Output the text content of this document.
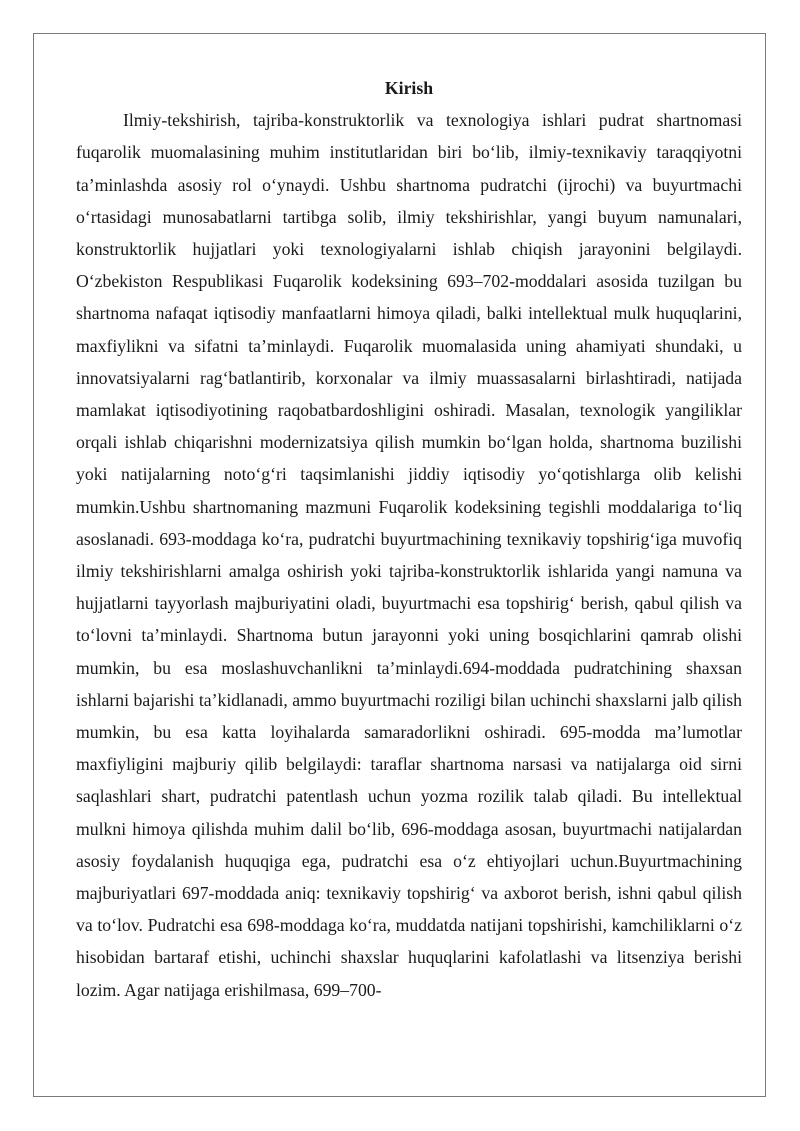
Kirish

Ilmiy-tekshirish, tajriba-konstruktorlik va texnologiya ishlari pudrat shartnomasi fuqarolik muomalasining muhim institutlaridan biri bo‘lib, ilmiy-texnikaviy taraqqiyotni ta’minlashda asosiy rol o‘ynaydi. Ushbu shartnoma pudratchi (ijrochi) va buyurtmachi o‘rtasidagi munosabatlarni tartibga solib, ilmiy tekshirishlar, yangi buyum namunalari, konstruktorlik hujjatlari yoki texnologiyalarni ishlab chiqish jarayonini belgilaydi. O‘zbekiston Respublikasi Fuqarolik kodeksining 693–702-moddalari asosida tuzilgan bu shartnoma nafaqat iqtisodiy manfaatlarni himoya qiladi, balki intellektual mulk huquqlarini, maxfiylikni va sifatni ta’minlaydi. Fuqarolik muomalasida uning ahamiyati shundaki, u innovatsiyalarni rag‘batlantirib, korxonalar va ilmiy muassasalarni birlashtiradi, natijada mamlakat iqtisodiyotining raqobatbardoshligini oshiradi. Masalan, texnologik yangiliklar orqali ishlab chiqarishni modernizatsiya qilish mumkin bo‘lgan holda, shartnoma buzilishi yoki natijalarning noto‘g‘ri taqsimlanishi jiddiy iqtisodiy yo‘qotishlarga olib kelishi mumkin.Ushbu shartnomaning mazmuni Fuqarolik kodeksining tegishli moddalariga to‘liq asoslanadi. 693-moddaga ko‘ra, pudratchi buyurtmachining texnikaviy topshirig‘iga muvofiq ilmiy tekshirishlarni amalga oshirish yoki tajriba-konstruktorlik ishlarida yangi namuna va hujjatlarni tayyorlash majburiyatini oladi, buyurtmachi esa topshirig‘ berish, qabul qilish va to‘lovni ta’minlaydi. Shartnoma butun jarayonni yoki uning bosqichlarini qamrab olishi mumkin, bu esa moslashuvchanlikni ta’minlaydi.694-moddada pudratchining shaxsan ishlarni bajarishi ta’kidlanadi, ammo buyurtmachi roziligi bilan uchinchi shaxslarni jalb qilish mumkin, bu esa katta loyihalarda samaradorlikni oshiradi. 695-modda ma’lumotlar maxfiyligini majburiy qilib belgilaydi: taraflar shartnoma narsasi va natijalarga oid sirni saqlashlari shart, pudratchi patentlash uchun yozma rozilik talab qiladi. Bu intellektual mulkni himoya qilishda muhim dalil bo‘lib, 696-moddaga asosan, buyurtmachi natijalardan asosiy foydalanish huquqiga ega, pudratchi esa o‘z ehtiyojlari uchun.Buyurtmachining majburiyatlari 697-moddada aniq: texnikaviy topshirig‘ va axborot berish, ishni qabul qilish va to‘lov. Pudratchi esa 698-moddaga ko‘ra, muddatda natijani topshirishi, kamchiliklarni o‘z hisobidan bartaraf etishi, uchinchi shaxslar huquqlarini kafolatlashi va litsenziya berishi lozim. Agar natijaga erishilmasa, 699–700-
